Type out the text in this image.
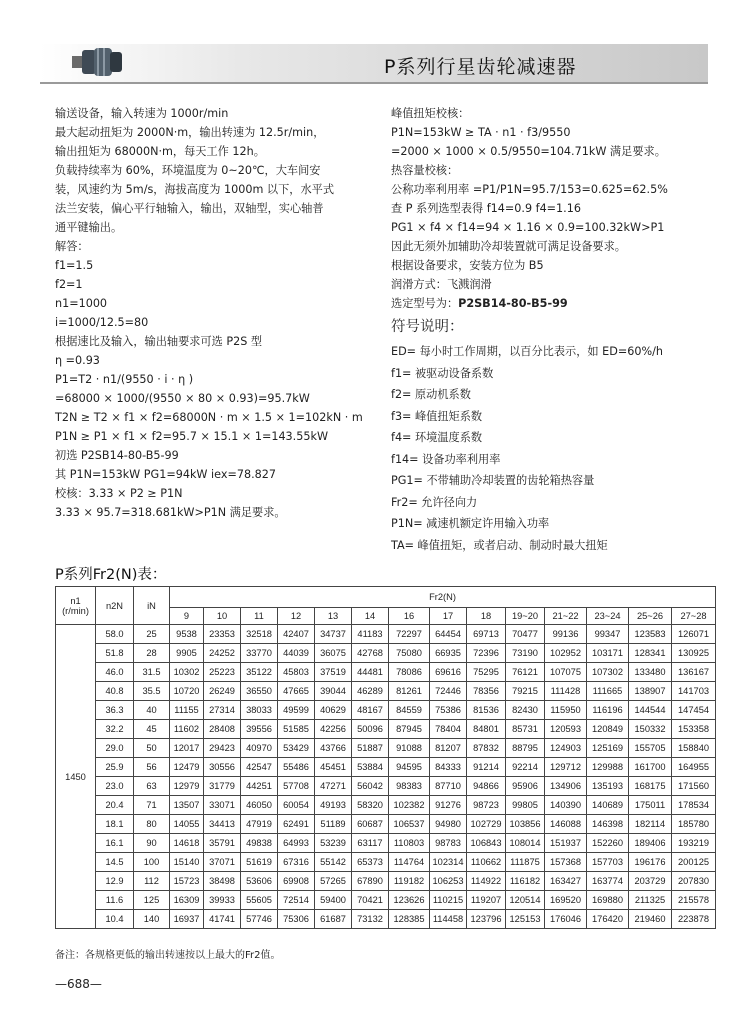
P系列行星齿轮减速器
输送设备，输入转速为 1000r/min
最大起动扭矩为 2000N·m，输出转速为 12.5r/min，
输出扭矩为 68000N·m，每天工作 12h。
负载持续率为 60%，环境温度为 0~20℃，大车间安
装，风速约为 5m/s，海拔高度为 1000m 以下，水平式
法兰安装，偏心平行轴输入，输出，双轴型，实心轴普
通平键输出。
解答：
f1=1.5
f2=1
n1=1000
i=1000/12.5=80
根据速比及输入，输出轴要求可选 P2S 型
η =0.93
P1=T2 · n1/(9550 · i · η )
=68000 × 1000/(9550 × 80 × 0.93)=95.7kW
T2N ≥ T2 × f1 × f2=68000N · m × 1.5 × 1=102kN · m
P1N ≥ P1 × f1 × f2=95.7 × 15.1 × 1=143.55kW
初选 P2SB14-80-B5-99
其 P1N=153kW PG1=94kW iex=78.827
校核：3.33 × P2 ≥ P1N
3.33 × 95.7=318.681kW>P1N 满足要求。
峰值扭矩校核：
P1N=153kW ≥ TA · n1 · f3/9550
=2000 × 1000 × 0.5/9550=104.71kW 满足要求。
热容量校核：
公称功率利用率 =P1/P1N=95.7/153=0.625=62.5%
查 P 系列选型表得 f14=0.9 f4=1.16
PG1 × f4 × f14=94 × 1.16 × 0.9=100.32kW>P1
因此无须外加辅助冷却装置就可满足设备要求。
根据设备要求，安装方位为 B5
润滑方式：飞溅润滑
选定型号为：P2SB14-80-B5-99
符号说明：
ED= 每小时工作周期，以百分比表示，如 ED=60%/h
f1= 被驱动设备系数
f2= 原动机系数
f3= 峰值扭矩系数
f4= 环境温度系数
f14= 设备功率利用率
PG1= 不带辅助冷却装置的齿轮箱热容量
Fr2= 允许径向力
P1N= 减速机额定许用输入功率
TA= 峰值扭矩，或者启动、制动时最大扭矩
P系列Fr2(N)表：
n1
(r/min)	n2N	iN	Fr2(N)													
			9	10	11	12	13	14	16	17	18	19~20	21~22	23~24	25~26	27~28
1450	58.0	25	9538	23353	32518	42407	34737	41183	72297	64454	69713	70477	99136	99347	123583	126071
	51.8	28	9905	24252	33770	44039	36075	42768	75080	66935	72396	73190	102952	103171	128341	130925
	46.0	31.5	10302	25223	35122	45803	37519	44481	78086	69616	75295	76121	107075	107302	133480	136167
	40.8	35.5	10720	26249	36550	47665	39044	46289	81261	72446	78356	79215	111428	111665	138907	141703
	36.3	40	11155	27314	38033	49599	40629	48167	84559	75386	81536	82430	115950	116196	144544	147454
	32.2	45	11602	28408	39556	51585	42256	50096	87945	78404	84801	85731	120593	120849	150332	153358
	29.0	50	12017	29423	40970	53429	43766	51887	91088	81207	87832	88795	124903	125169	155705	158840
	25.9	56	12479	30556	42547	55486	45451	53884	94595	84333	91214	92214	129712	129988	161700	164955
	23.0	63	12979	31779	44251	57708	47271	56042	98383	87710	94866	95906	134906	135193	168175	171560
	20.4	71	13507	33071	46050	60054	49193	58320	102382	91276	98723	99805	140390	140689	175011	178534
	18.1	80	14055	34413	47919	62491	51189	60687	106537	94980	102729	103856	146088	146398	182114	185780
	16.1	90	14618	35791	49838	64993	53239	63117	110803	98783	106843	108014	151937	152260	189406	193219
	14.5	100	15140	37071	51619	67316	55142	65373	114764	102314	110662	111875	157368	157703	196176	200125
	12.9	112	15723	38498	53606	69908	57265	67890	119182	106253	114922	116182	163427	163774	203729	207830
	11.6	125	16309	39933	55605	72514	59400	70421	123626	110215	119207	120514	169520	169880	211325	215578
	10.4	140	16937	41741	57746	75306	61687	73132	128385	114458	123796	125153	176046	176420	219460	223878
备注：各规格更低的输出转速按以上最大的Fr2值。
—688—
